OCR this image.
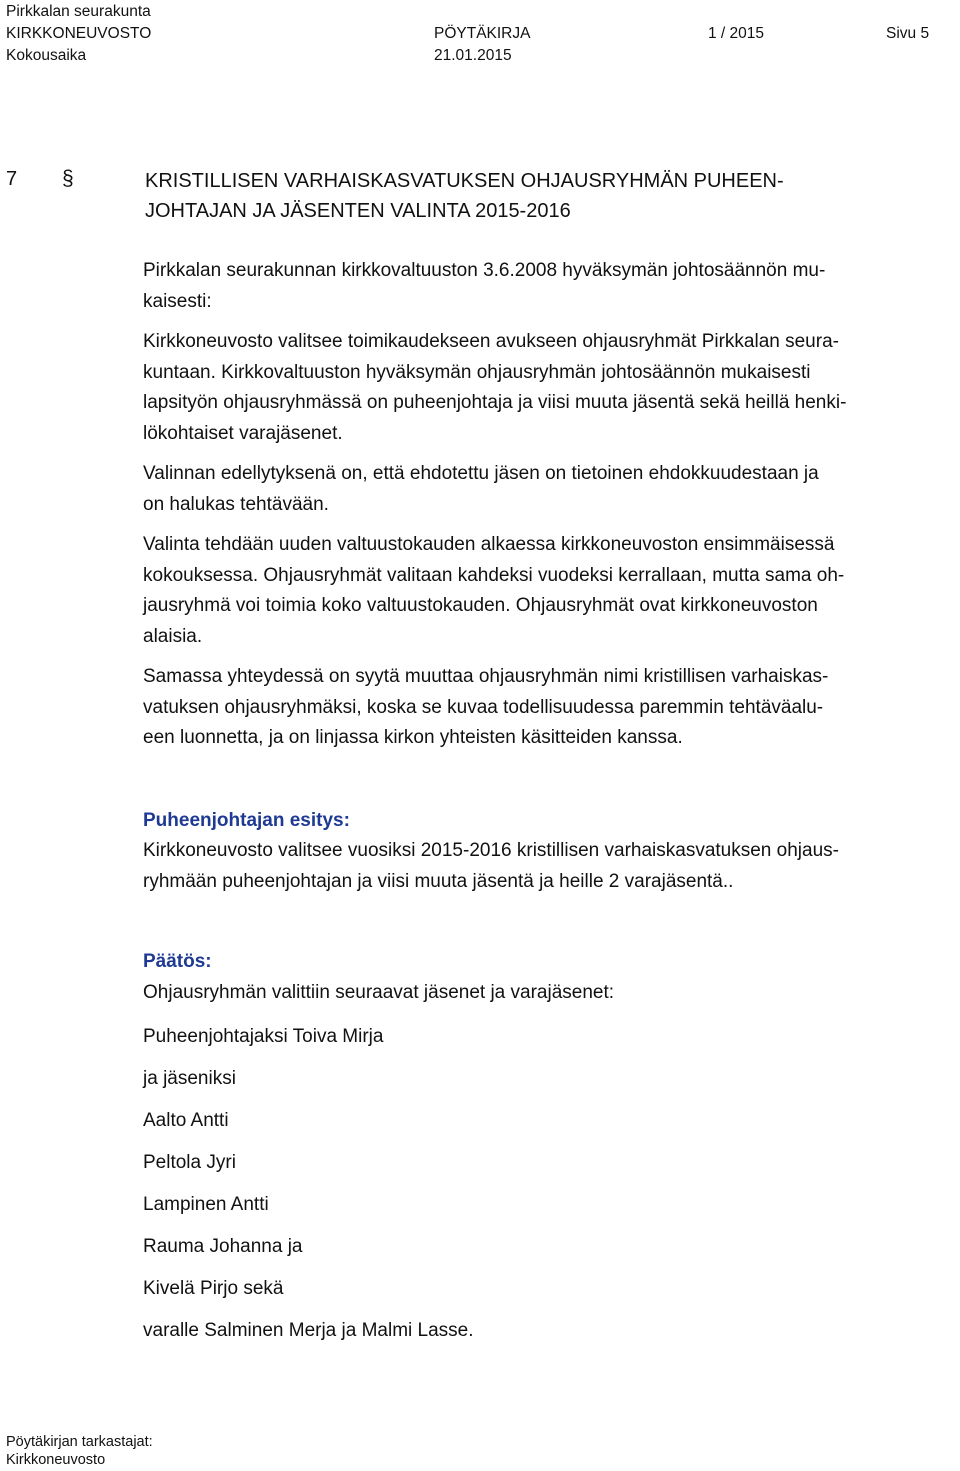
Pirkkalan seurakunta
KIRKKONEUVOSTO	PÖYTÄKIRJA	1 / 2015	Sivu 5
Kokousaika	21.01.2015
7 §	KRISTILLISEN VARHAISKASVATUKSEN OHJAUSRYHMÄN PUHEEN-
JOHTAJAN JA JÄSENTEN VALINTA 2015-2016

Pirkkalan seurakunnan kirkkovaltuuston 3.6.2008 hyväksymän johtosäännön mu-

kaisesti:

Kirkkoneuvosto valitsee toimikaudekseen avukseen ohjausryhmät Pirkkalan seura-

kuntaan. Kirkkovaltuuston hyväksymän ohjausryhmän johtosäännön mukaisesti

lapsityön ohjausryhmässä on puheenjohtaja ja viisi muuta jäsentä sekä heillä henki-

lökohtaiset varajäsenet.

Valinnan edellytyksenä on, että ehdotettu jäsen on tietoinen ehdokkuudestaan ja

on halukas tehtävään.

Valinta tehdään uuden valtuustokauden alkaessa kirkkoneuvoston ensimmäisessä

kokouksessa. Ohjausryhmät valitaan kahdeksi vuodeksi kerrallaan, mutta sama oh-

jausryhmä voi toimia koko valtuustokauden. Ohjausryhmät ovat kirkkoneuvoston

alaisia.

Samassa yhteydessä on syytä muuttaa ohjausryhmän nimi kristillisen varhaiskas-

vatuksen ohjausryhmäksi, koska se kuvaa todellisuudessa paremmin tehtäväalu-

een luonnetta, ja on linjassa kirkon yhteisten käsitteiden kanssa.

Puheenjohtajan esitys:

Kirkkoneuvosto valitsee vuosiksi 2015-2016 kristillisen varhaiskasvatuksen ohjaus-

ryhmään puheenjohtajan ja viisi muuta jäsentä ja heille 2 varajäsentä..

Päätös:

Ohjausryhmän valittiin seuraavat jäsenet ja varajäsenet:

Puheenjohtajaksi Toiva Mirja

ja jäseniksi

Aalto Antti

Peltola Jyri

Lampinen Antti

Rauma Johanna ja

Kivelä Pirjo sekä

varalle Salminen Merja ja Malmi Lasse.

Pöytäkirjan tarkastajat:
Kirkkoneuvosto
